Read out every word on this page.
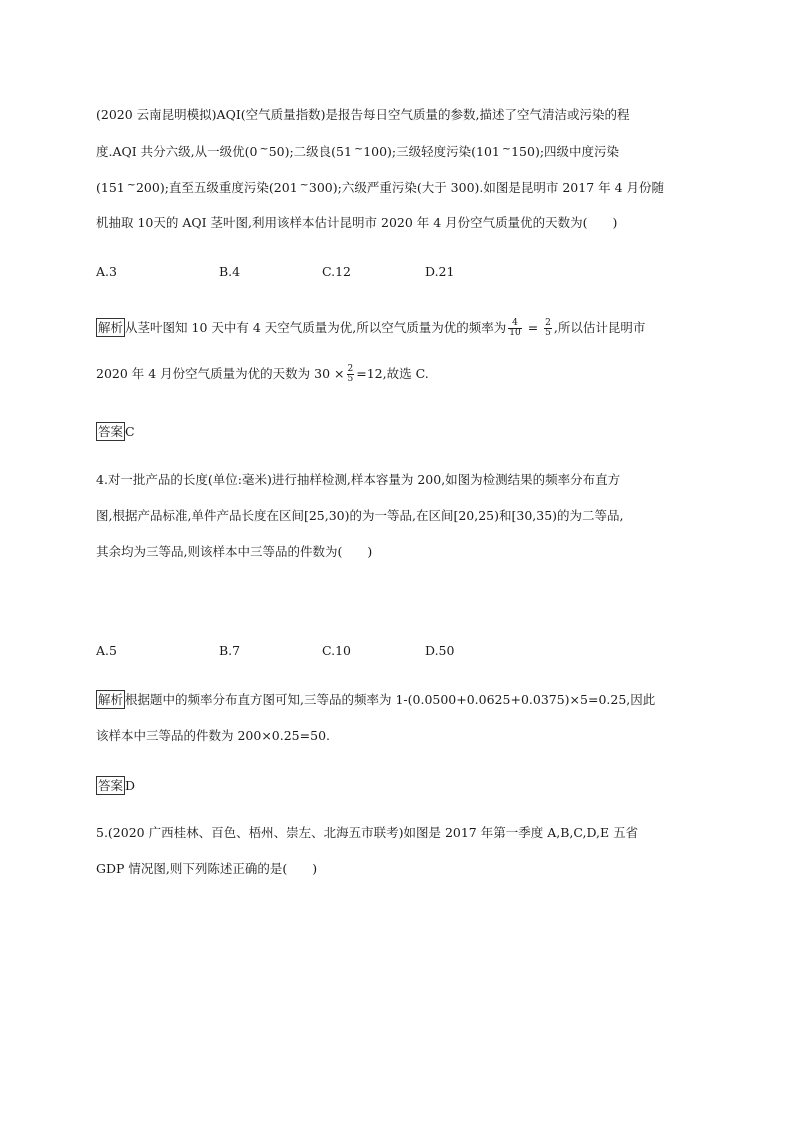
(2020 云南昆明模拟)AQI(空气质量指数)是报告每日空气质量的参数,描述了空气清洁或污染的程
度.AQI 共分六级,从一级优(0 ~50);二级良(51 ~100);三级轻度污染(101 ~150);四级中度污染
(151 ~200);直至五级重度污染(201 ~300);六级严重污染(大于 300).如图是昆明市 2017 年 4 月份随
机抽取 10天的 AQI 茎叶图,利用该样本估计昆明市 2020 年 4 月份空气质量优的天数为(　　)
A.3	B.4	C.12	D.21
解析 从茎叶图知 10 天中有 4 天空气质量为优,所以空气质量为优的频率为 $\frac{4}{10} = \frac{2}{5}$ ,所以估计昆明市
2020 年 4 月份空气质量为优的天数为 $30 \times \frac{2}{5} =12$,故选 C.
答案 C
4.对一批产品的长度(单位:毫米)进行抽样检测,样本容量为 200,如图为检测结果的频率分布直方
图,根据产品标准,单件产品长度在区间[25,30)的为一等品,在区间[20,25)和[30,35)的为二等品,
其余均为三等品,则该样本中三等品的件数为(　　)
A.5	B.7	C.10	D.50
解析 根据题中的频率分布直方图可知,三等品的频率为 1-(0.0500+0.0625+0.0375)×5=0.25,因此
该样本中三等品的件数为 200×0.25=50.
答案 D
5.(2020 广西桂林、百色、梧州、崇左、北海五市联考)如图是 2017 年第一季度 A,B,C,D,E 五省
GDP 情况图,则下列陈述正确的是(　　)
